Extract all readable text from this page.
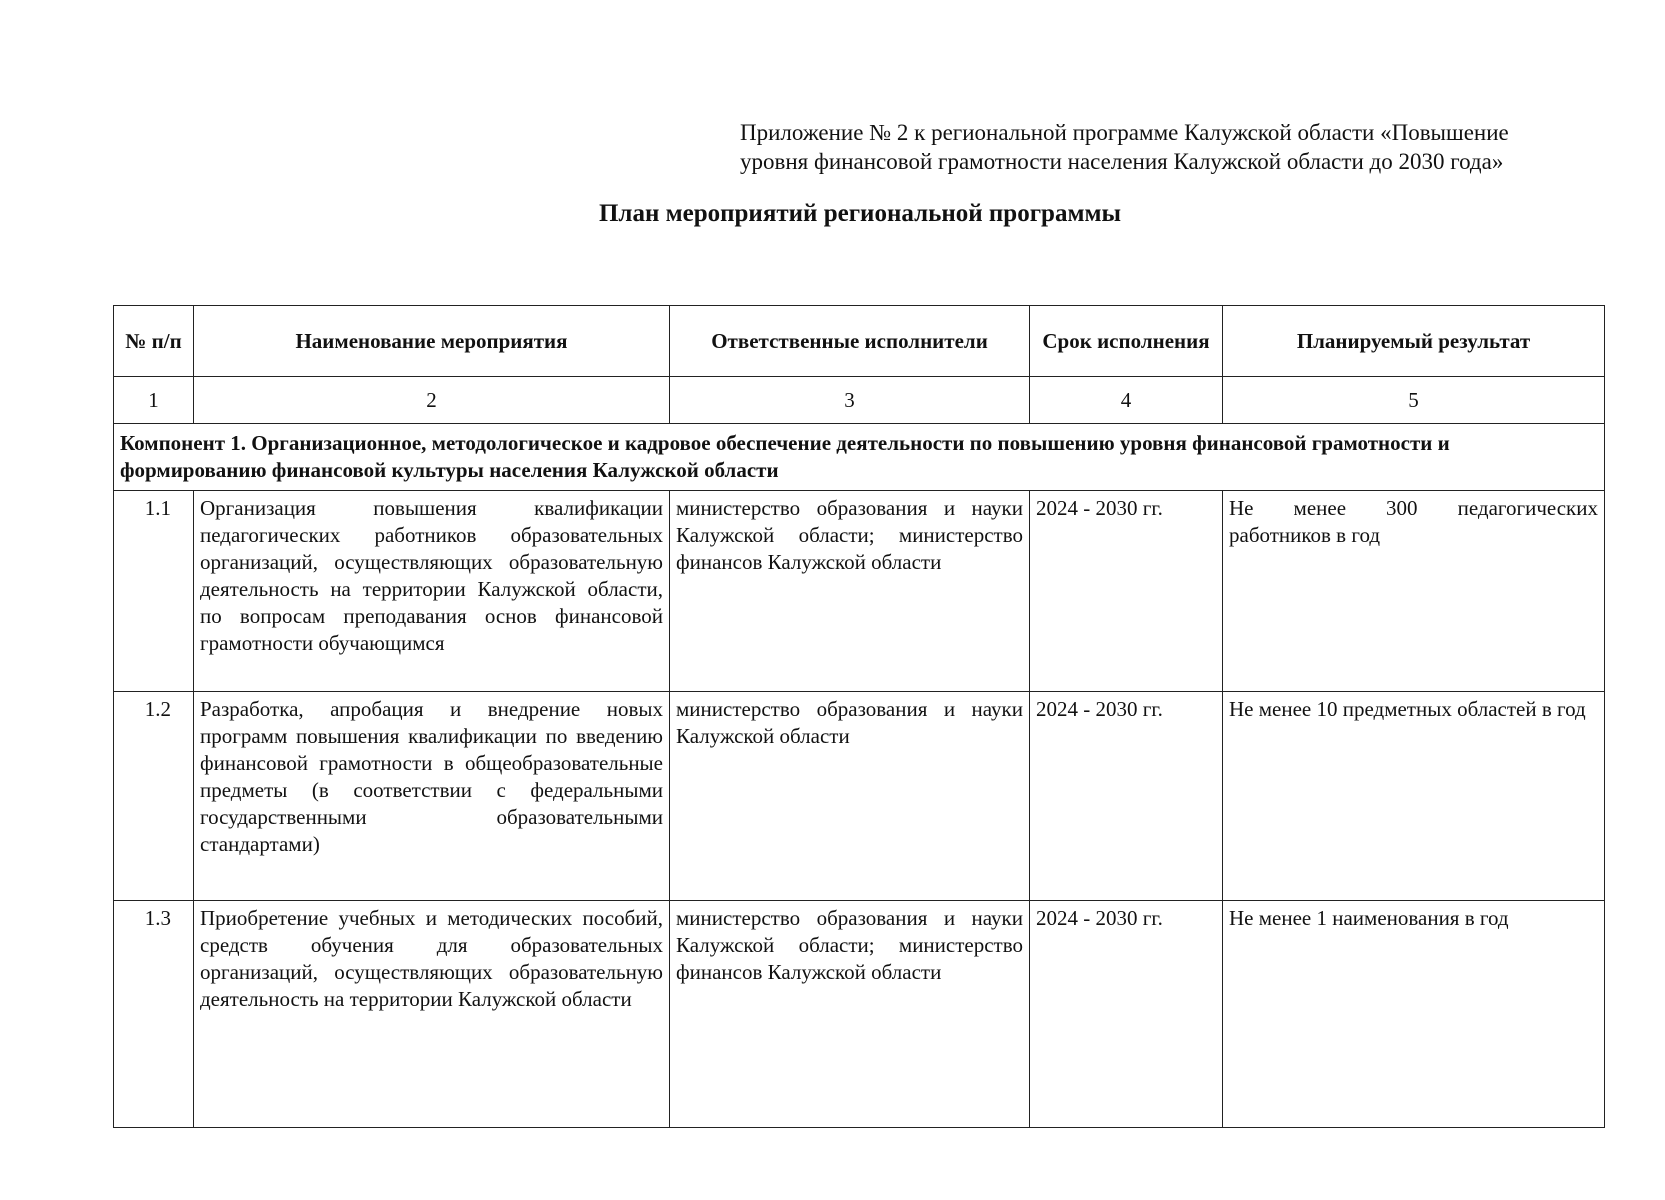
Приложение № 2 к региональной программе Калужской области «Повышение
уровня финансовой грамотности населения Калужской области до 2030 года»
План мероприятий региональной программы
№ п/п	Наименование мероприятия	Ответственные исполнители	Срок исполнения	Планируемый результат
1	2	3	4	5
Компонент 1. Организационное, методологическое и кадровое обеспечение деятельности по повышению уровня финансовой грамотности и формированию финансовой культуры населения Калужской области				
1.1	Организация повышения квалификации педагогических работников образовательных организаций, осуществляющих образовательную деятельность на территории Калужской области, по вопросам преподавания основ финансовой грамотности обучающимся	министерство образования и науки Калужской области; министерство финансов Калужской области	2024 - 2030 гг.	Не менее 300 педагогических работников в год
1.2	Разработка, апробация и внедрение новых программ повышения квалификации по введению финансовой грамотности в общеобразовательные предметы (в соответствии с федеральными государственными образовательными стандартами)	министерство образования и науки Калужской области	2024 - 2030 гг.	Не менее 10 предметных областей в год
1.3	Приобретение учебных и методических пособий, средств обучения для образовательных организаций, осуществляющих образовательную деятельность на территории Калужской области	министерство образования и науки Калужской области; министерство финансов Калужской области	2024 - 2030 гг.	Не менее 1 наименования в год
